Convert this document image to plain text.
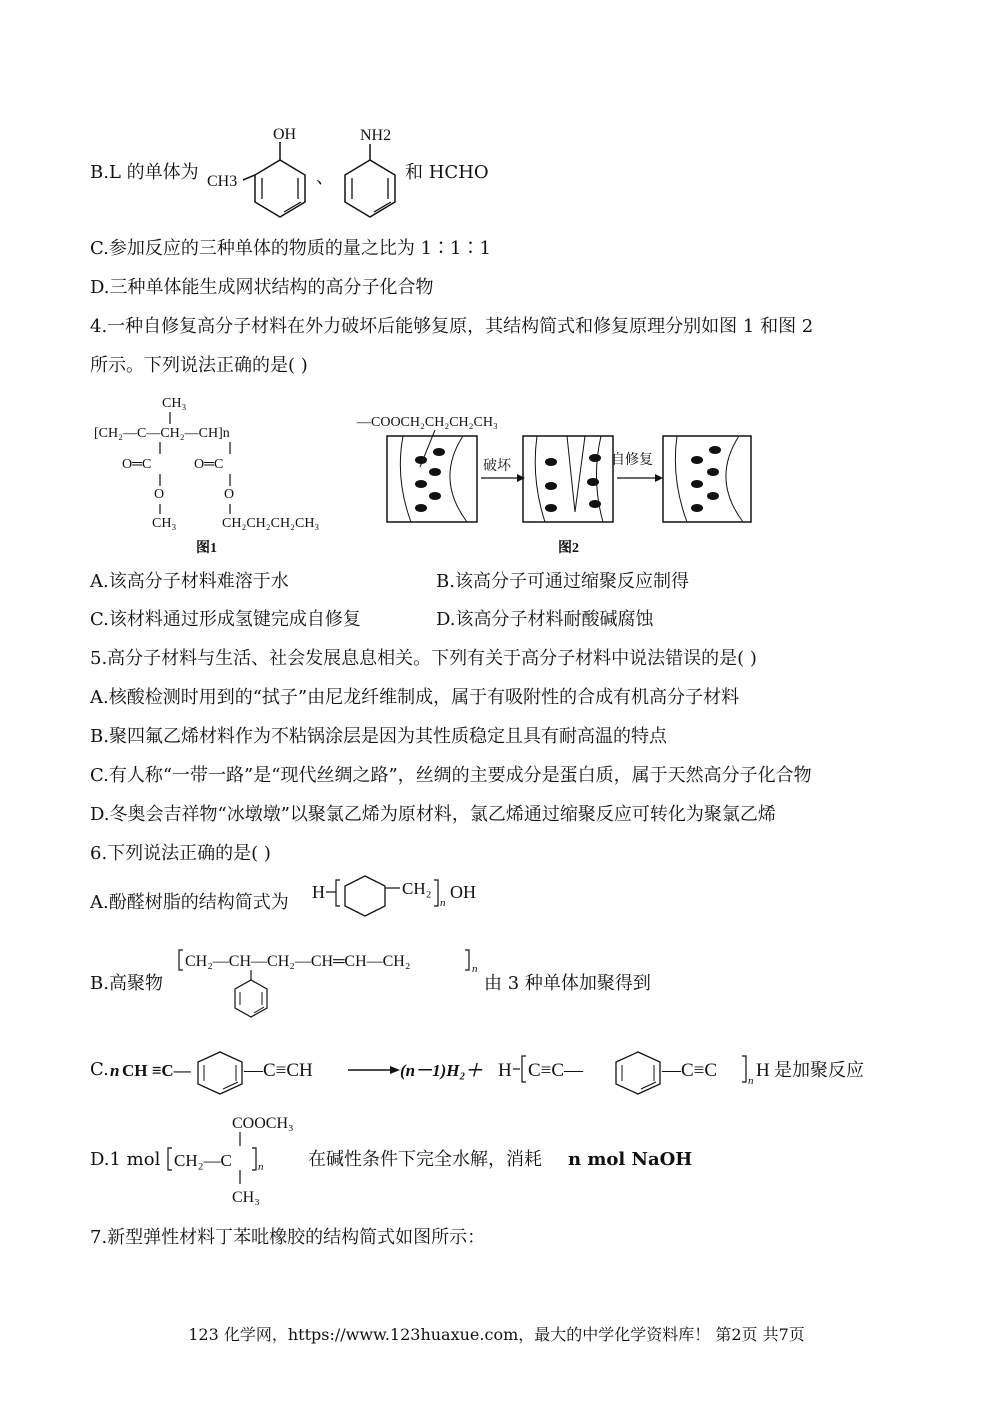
B.L 的单体为
OH
CH3	、
NH2
和 HCHO
C.参加反应的三种单体的物质的量之比为 1∶1∶1
D.三种单体能生成网状结构的高分子化合物
4.一种自修复高分子材料在外力破坏后能够复原，其结构简式和修复原理分别如图 1 和图 2
所示。下列说法正确的是( )
CH₃
[CH₂—C—CH₂—CH]n
O═C	O═C
O	O
CH₃	CH₂CH₂CH₂CH₃
图1
—COOCH₂CH₂CH₂CH₃
破坏	自修复
图2
A.该高分子材料难溶于水	B.该高分子可通过缩聚反应制得
C.该材料通过形成氢键完成自修复	D.该高分子材料耐酸碱腐蚀
5.高分子材料与生活、社会发展息息相关。下列有关于高分子材料中说法错误的是( )
A.核酸检测时用到的“拭子”由尼龙纤维制成，属于有吸附性的合成有机高分子材料
B.聚四氟乙烯材料作为不粘锅涂层是因为其性质稳定且具有耐高温的特点
C.有人称“一带一路”是“现代丝绸之路”，丝绸的主要成分是蛋白质，属于天然高分子化合物
D.冬奥会吉祥物“冰墩墩”以聚氯乙烯为原材料，氯乙烯通过缩聚反应可转化为聚氯乙烯
6.下列说法正确的是( )
A.酚醛树脂的结构简式为 H	CH₂
n
OH
B.高聚物
CH₂—CH—CH₂—CH═CH—CH₂	n
由 3 种单体加聚得到
C. n CH ≡C—	—C≡CH	(n－1)H₂＋ H C≡C—	—C≡C	n H 是加聚反应
D.1 mol
COOCH₃
CH₂—C n
CH₃
在碱性条件下完全水解，消耗 n mol NaOH
7.新型弹性材料丁苯吡橡胶的结构简式如图所示：
123 化学网，https://www.123huaxue.com，最大的中学化学资料库！ 第2页 共7页
